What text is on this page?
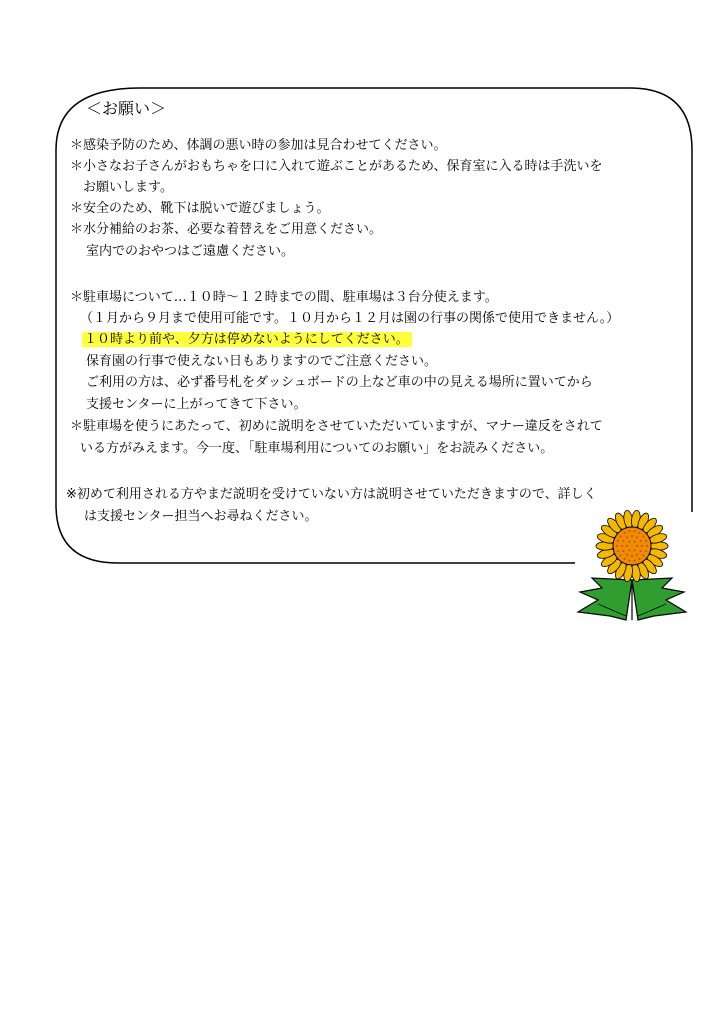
＜お願い＞
＊感染予防のため、体調の悪い時の参加は見合わせてください。
＊小さなお子さんがおもちゃを口に入れて遊ぶことがあるため、保育室に入る時は手洗いを
お願いします。
＊安全のため、靴下は脱いで遊びましょう。
＊水分補給のお茶、必要な着替えをご用意ください。
室内でのおやつはご遠慮ください。
＊駐車場について…１０時～１２時までの間、駐車場は３台分使えます。
（１月から９月まで使用可能です。１０月から１２月は園の行事の関係で使用できません。）
１０時より前や、夕方は停めないようにしてください。
保育園の行事で使えない日もありますのでご注意ください。
ご利用の方は、必ず番号札をダッシュボードの上など車の中の見える場所に置いてから
支援センターに上がってきて下さい。
＊駐車場を使うにあたって、初めに説明をさせていただいていますが、マナー違反をされて
いる方がみえます。今一度、「駐車場利用についてのお願い」をお読みください。
※初めて利用される方やまだ説明を受けていない方は説明させていただきますので、詳しく
は支援センター担当へお尋ねください。
